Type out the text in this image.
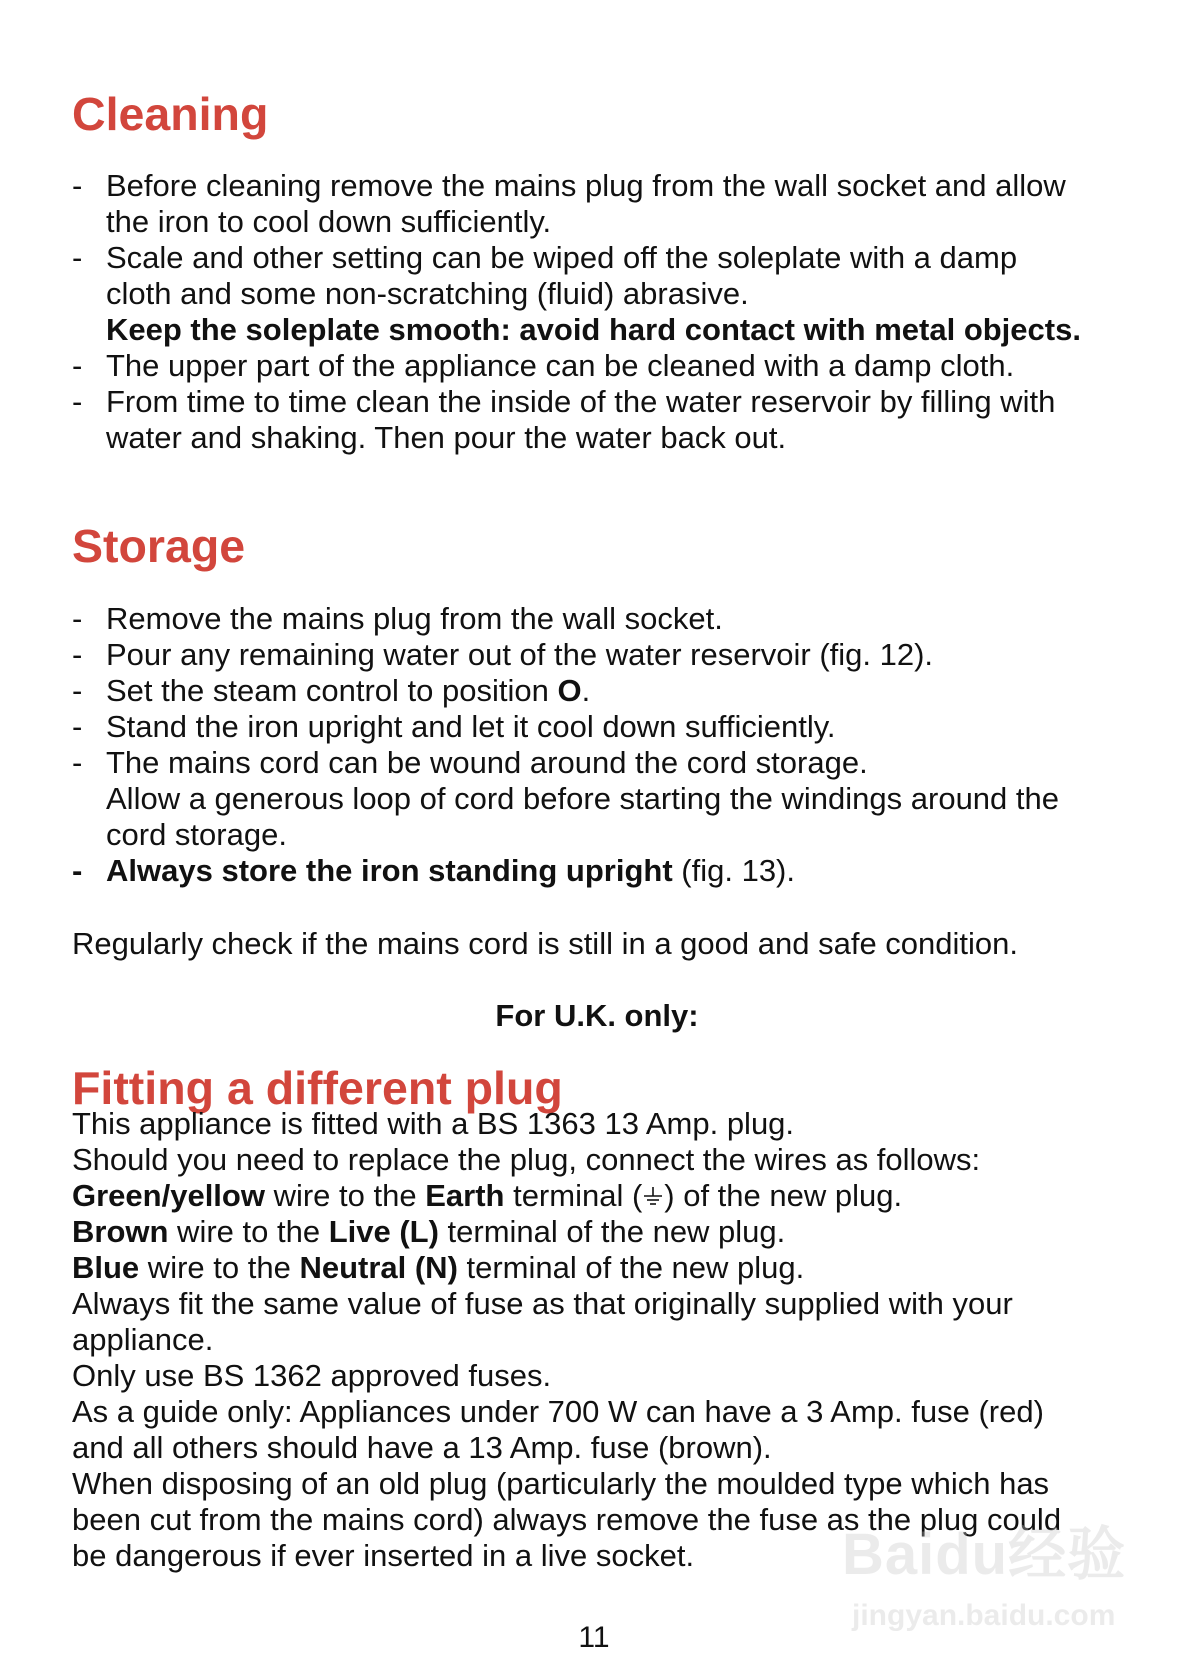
Cleaning
- Before cleaning remove the mains plug from the wall socket and allow
the iron to cool down sufficiently.
- Scale and other setting can be wiped off the soleplate with a damp
cloth and some non-scratching (fluid) abrasive.
Keep the soleplate smooth: avoid hard contact with metal objects.
- The upper part of the appliance can be cleaned with a damp cloth.
- From time to time clean the inside of the water reservoir by filling with
water and shaking. Then pour the water back out.
Storage
- Remove the mains plug from the wall socket.
- Pour any remaining water out of the water reservoir (fig. 12).
- Set the steam control to position O.
- Stand the iron upright and let it cool down sufficiently.
- The mains cord can be wound around the cord storage.
Allow a generous loop of cord before starting the windings around the
cord storage.
- Always store the iron standing upright (fig. 13).

Regularly check if the mains cord is still in a good and safe condition.

For U.K. only:

Fitting a different plug

This appliance is fitted with a BS 1363 13 Amp. plug.

Should you need to replace the plug, connect the wires as follows:

Green/yellow wire to the Earth terminal ( ) of the new plug.

Brown wire to the Live (L) terminal of the new plug.

Blue wire to the Neutral (N) terminal of the new plug.

Always fit the same value of fuse as that originally supplied with your

appliance.

Only use BS 1362 approved fuses.

As a guide only: Appliances under 700 W can have a 3 Amp. fuse (red)

and all others should have a 13 Amp. fuse (brown).

When disposing of an old plug (particularly the moulded type which has

been cut from the mains cord) always remove the fuse as the plug could

be dangerous if ever inserted in a live socket.

11
Baidu经验
jingyan.baidu.com
